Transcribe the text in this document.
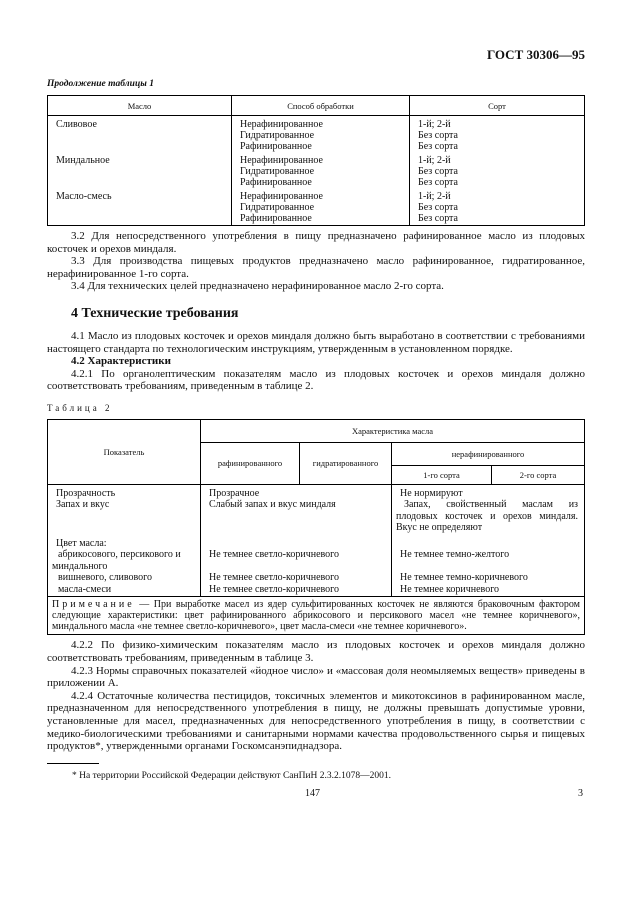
ГОСТ 30306—95
Продолжение таблицы 1
Масло	Способ обработки	Сорт
Сливовое	Нерафинированное	1-й; 2-й
	Гидратированное	Без сорта
	Рафинированное	Без сорта
Миндальное	Нерафинированное	1-й; 2-й
	Гидратированное	Без сорта
	Рафинированное	Без сорта
Масло-смесь	Нерафинированное	1-й; 2-й
	Гидратированное	Без сорта
	Рафинированное	Без сорта
3.2 Для непосредственного употребления в пищу предназначено рафинированное масло из плодовых косточек и орехов миндаля.
3.3 Для производства пищевых продуктов предназначено масло рафинированное, гидратированное, нерафинированное 1-го сорта.
3.4 Для технических целей предназначено нерафинированное масло 2-го сорта.
4 Технические требования
4.1 Масло из плодовых косточек и орехов миндаля должно быть выработано в соответствии с требованиями настоящего стандарта по технологическим инструкциям, утвержденным в установленном порядке.
4.2 Характеристики
4.2.1 По органолептическим показателям масло из плодовых косточек и орехов миндаля должно соответствовать требованиям, приведенным в таблице 2.
Таблица 2
Показатель	Характеристика масла			
	рафинированного	гидратированного	нерафинированного	
			1-го сорта	2-го сорта
Прозрачность	Прозрачное		Не нормируют	
Запах и вкус	Слабый запах и вкус миндаля		Запах, свойственный маслам из плодовых косточек и орехов миндаля. Вкус не определяют	
Цвет масла:				
абрикосового, персикового и миндального	Не темнее светло-коричневого		Не темнее темно-желтого	
вишневого, сливового	Не темнее светло-коричневого		Не темнее темно-коричневого	
масла-смеси	Не темнее светло-коричневого		Не темнее коричневого	
Примечание — При выработке масел из ядер сульфитированных косточек не являются браковочным фактором следующие характеристики: цвет рафинированного абрикосового и персикового масел «не темнее коричневого», миндального масла «не темнее светло-коричневого», цвет масла-смеси «не темнее коричневого».				
4.2.2 По физико-химическим показателям масло из плодовых косточек и орехов миндаля должно соответствовать требованиям, приведенным в таблице 3.
4.2.3 Нормы справочных показателей «йодное число» и «массовая доля неомыляемых веществ» приведены в приложении А.
4.2.4 Остаточные количества пестицидов, токсичных элементов и микотоксинов в рафинированном масле, предназначенном для непосредственного употребления в пищу, не должны превышать допустимые уровни, установленные для масел, предназначенных для непосредственного употребления в пищу, в соответствии с медико-биологическими требованиями и санитарными нормами качества продовольственного сырья и пищевых продуктов*, утвержденными органами Госкомсанэпиднадзора.
* На территории Российской Федерации действуют СанПиН 2.3.2.1078—2001.
147	3
